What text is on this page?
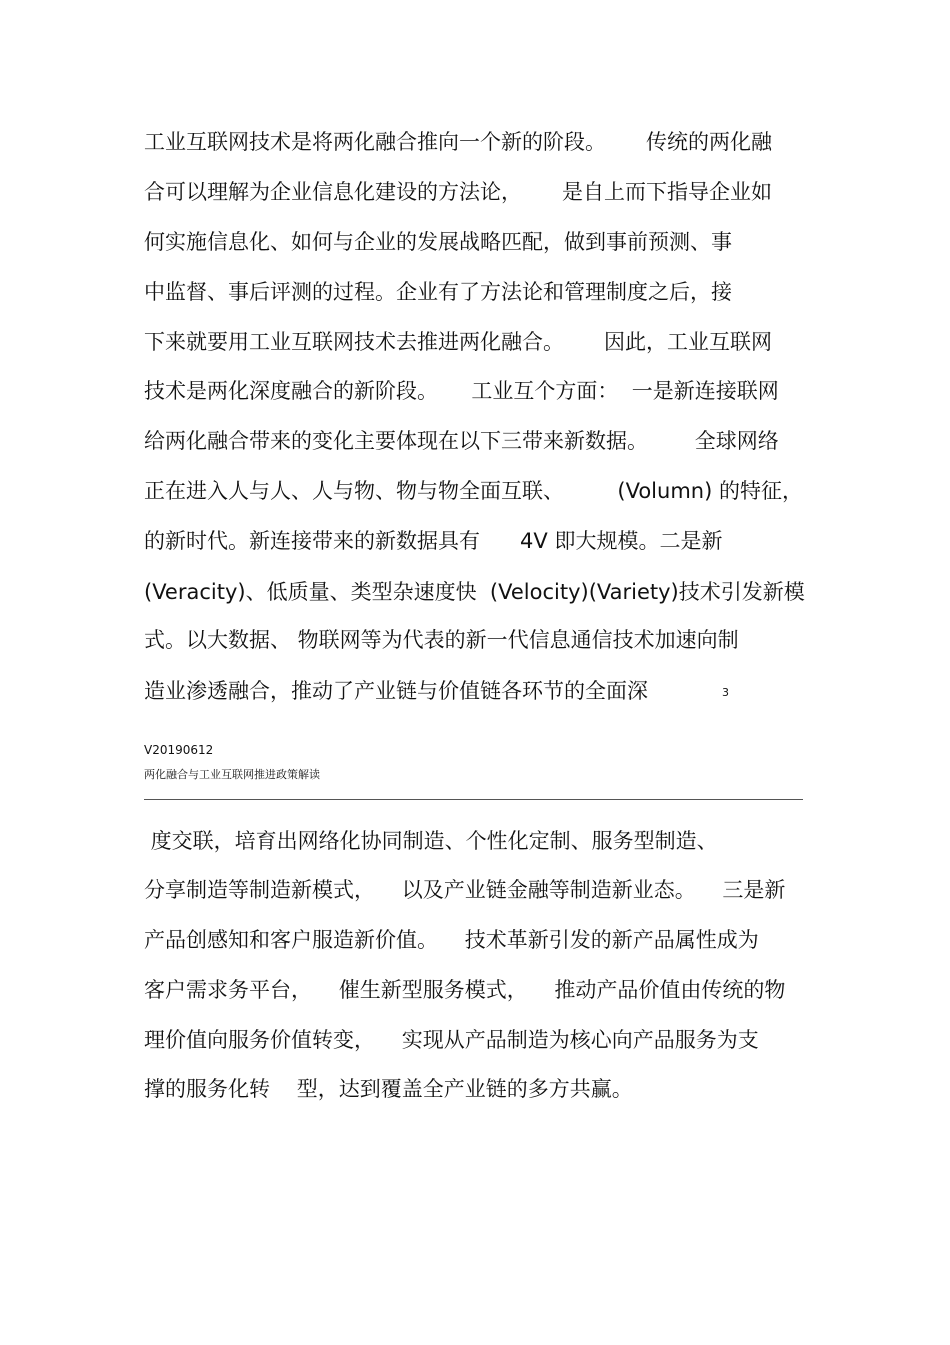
工业互联网技术是将两化融合推向一个新的阶段。      传统的两化融
合可以理解为企业信息化建设的方法论，      是自上而下指导企业如
何实施信息化、如何与企业的发展战略匹配，做到事前预测、事
中监督、事后评测的过程。企业有了方法论和管理制度之后，接
下来就要用工业互联网技术去推进两化融合。      因此，工业互联网
技术是两化深度融合的新阶段。     工业互个方面：  一是新连接联网
给两化融合带来的变化主要体现在以下三带来新数据。       全球网络
正在进入人与人、人与物、物与物全面互联、        (Volumn) 的特征，
的新时代。新连接带来的新数据具有      4V 即大规模。二是新
(Veracity)、低质量、类型杂速度快  (Velocity)(Variety)技术引发新模
式。以大数据、 物联网等为代表的新一代信息通信技术加速向制
造业渗透融合，推动了产业链与价值链各环节的全面深	3
V20190612
两化融合与工业互联网推进政策解读
度交联，培育出网络化协同制造、个性化定制、服务型制造、
分享制造等制造新模式，    以及产业链金融等制造新业态。    三是新
产品创感知和客户服造新价值。    技术革新引发的新产品属性成为
客户需求务平台，    催生新型服务模式，    推动产品价值由传统的物
理价值向服务价值转变，    实现从产品制造为核心向产品服务为支
撑的服务化转    型，达到覆盖全产业链的多方共赢。
